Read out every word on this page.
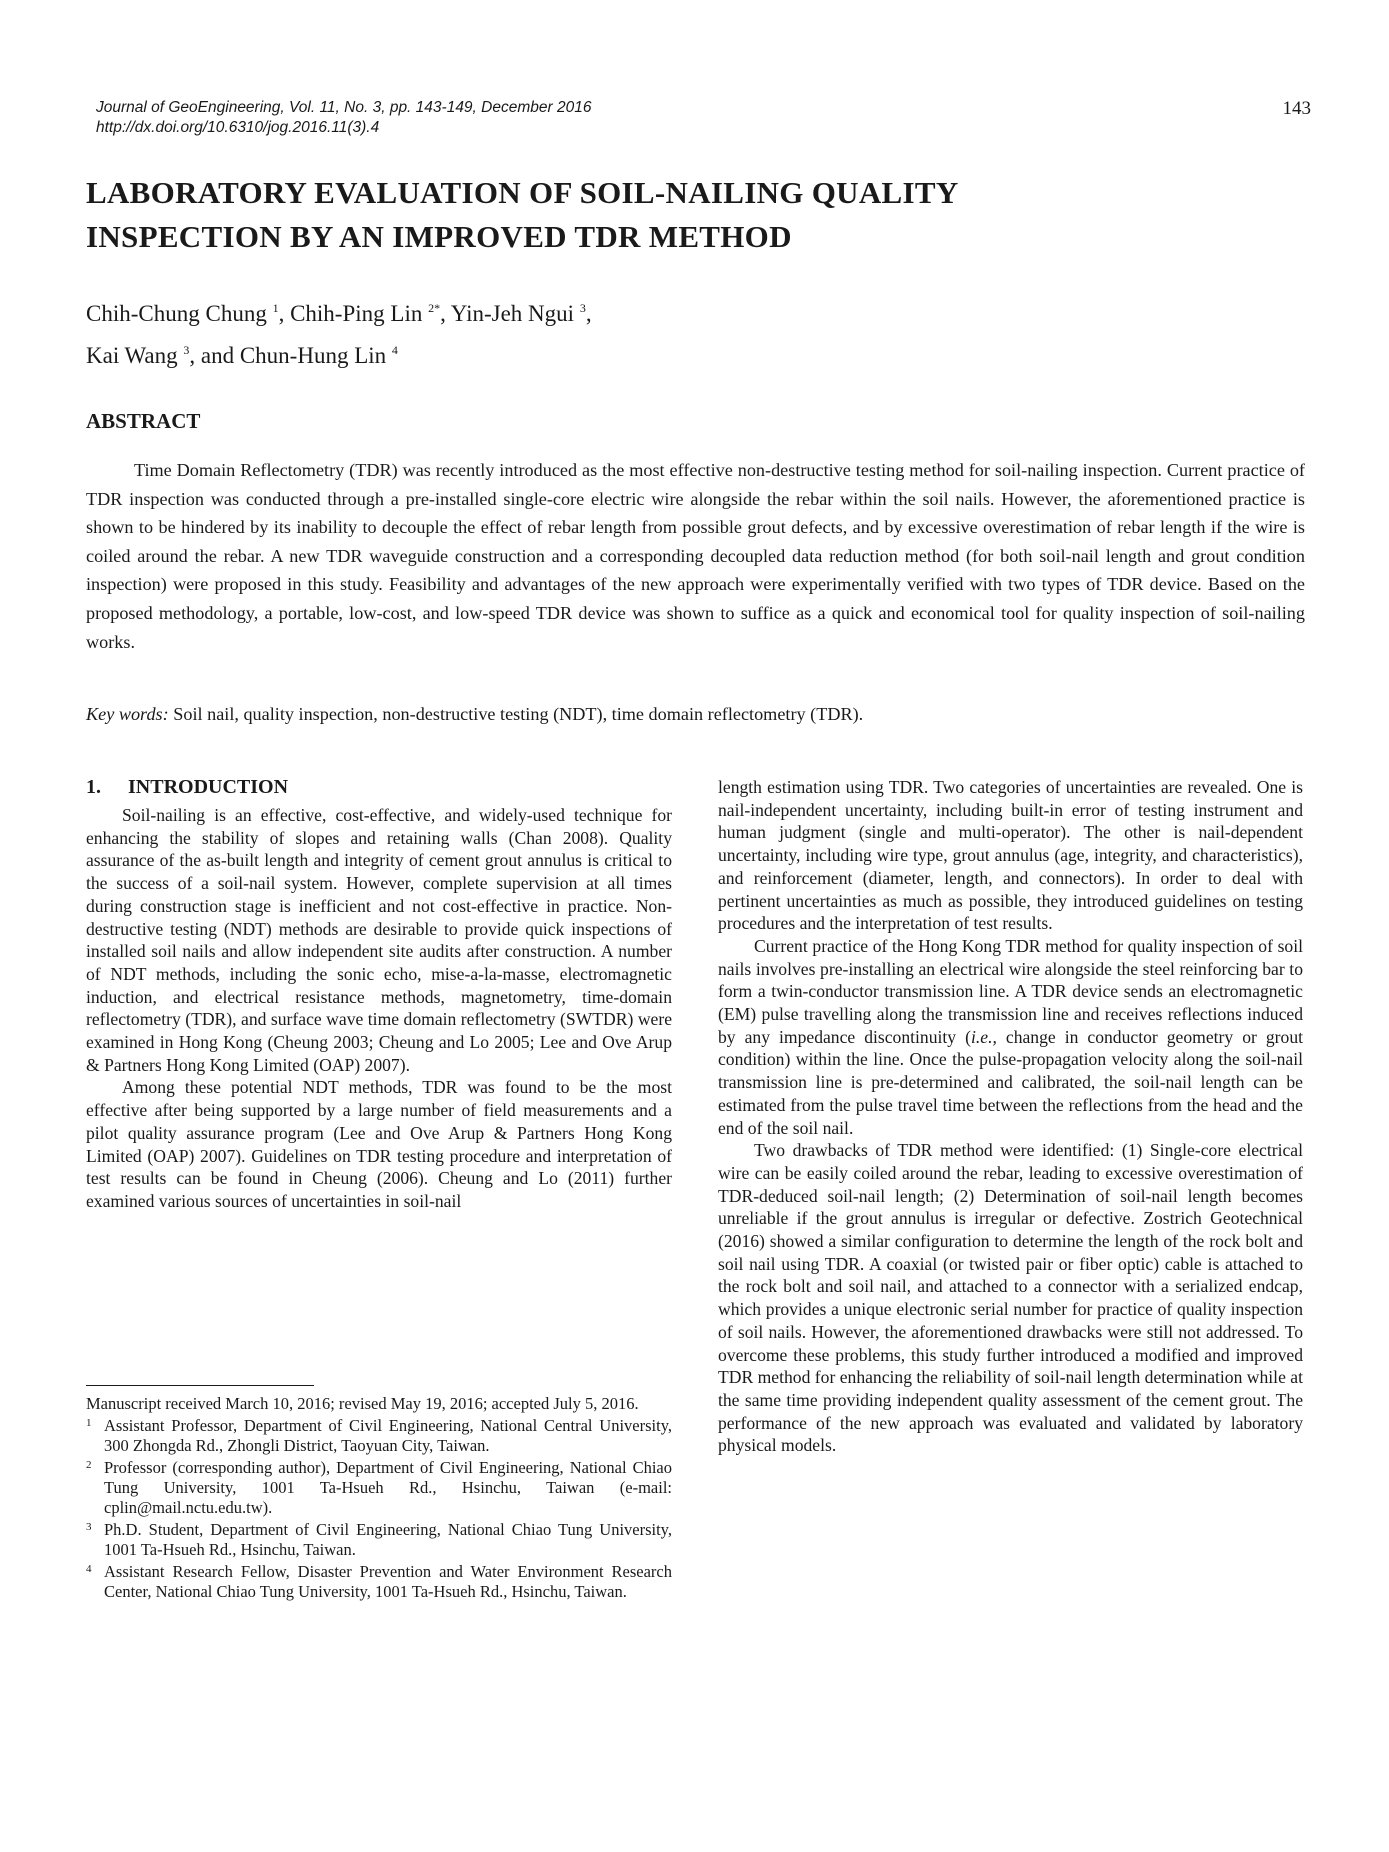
Journal of GeoEngineering, Vol. 11, No. 3, pp. 143-149, December 2016
http://dx.doi.org/10.6310/jog.2016.11(3).4
143
LABORATORY EVALUATION OF SOIL-NAILING QUALITY
INSPECTION BY AN IMPROVED TDR METHOD
Chih-Chung Chung $^1$, Chih-Ping Lin $^{2*}$, Yin-Jeh Ngui $^3$,
Kai Wang $^3$, and Chun-Hung Lin $^4$
ABSTRACT
Time Domain Reflectometry (TDR) was recently introduced as the most effective non-destructive testing method for soil-nailing inspection. Current practice of TDR inspection was conducted through a pre-installed single-core electric wire alongside the rebar within the soil nails. However, the aforementioned practice is shown to be hindered by its inability to decouple the effect of rebar length from possible grout defects, and by excessive overestimation of rebar length if the wire is coiled around the rebar. A new TDR waveguide construction and a corresponding decoupled data reduction method (for both soil-nail length and grout condition inspection) were proposed in this study. Feasibility and advantages of the new approach were experimentally verified with two types of TDR device. Based on the proposed methodology, a portable, low-cost, and low-speed TDR device was shown to suffice as a quick and economical tool for quality inspection of soil-nailing works.
Key words: Soil nail, quality inspection, non-destructive testing (NDT), time domain reflectometry (TDR).
1. INTRODUCTION

Soil-nailing is an effective, cost-effective, and widely-used technique for enhancing the stability of slopes and retaining walls (Chan 2008). Quality assurance of the as-built length and integrity of cement grout annulus is critical to the success of a soil-nail system. However, complete supervision at all times during construction stage is inefficient and not cost-effective in practice. Non-destructive testing (NDT) methods are desirable to provide quick inspections of installed soil nails and allow independent site audits after construction. A number of NDT methods, including the sonic echo, mise-a-la-masse, electromagnetic induction, and electrical resistance methods, magnetometry, time-domain reflectometry (TDR), and surface wave time domain reflectometry (SWTDR) were examined in Hong Kong (Cheung 2003; Cheung and Lo 2005; Lee and Ove Arup & Partners Hong Kong Limited (OAP) 2007).

Among these potential NDT methods, TDR was found to be the most effective after being supported by a large number of field measurements and a pilot quality assurance program (Lee and Ove Arup & Partners Hong Kong Limited (OAP) 2007). Guidelines on TDR testing procedure and interpretation of test results can be found in Cheung (2006). Cheung and Lo (2011) further examined various sources of uncertainties in soil-nail

length estimation using TDR. Two categories of uncertainties are revealed. One is nail-independent uncertainty, including built-in error of testing instrument and human judgment (single and multi-operator). The other is nail-dependent uncertainty, including wire type, grout annulus (age, integrity, and characteristics), and reinforcement (diameter, length, and connectors). In order to deal with pertinent uncertainties as much as possible, they introduced guidelines on testing procedures and the interpretation of test results.

Current practice of the Hong Kong TDR method for quality inspection of soil nails involves pre-installing an electrical wire alongside the steel reinforcing bar to form a twin-conductor transmission line. A TDR device sends an electromagnetic (EM) pulse travelling along the transmission line and receives reflections induced by any impedance discontinuity (i.e., change in conductor geometry or grout condition) within the line. Once the pulse-propagation velocity along the soil-nail transmission line is pre-determined and calibrated, the soil-nail length can be estimated from the pulse travel time between the reflections from the head and the end of the soil nail.

Two drawbacks of TDR method were identified: (1) Single-core electrical wire can be easily coiled around the rebar, leading to excessive overestimation of TDR-deduced soil-nail length; (2) Determination of soil-nail length becomes unreliable if the grout annulus is irregular or defective. Zostrich Geotechnical (2016) showed a similar configuration to determine the length of the rock bolt and soil nail using TDR. A coaxial (or twisted pair or fiber optic) cable is attached to the rock bolt and soil nail, and attached to a connector with a serialized endcap, which provides a unique electronic serial number for practice of quality inspection of soil nails. However, the aforementioned drawbacks were still not addressed. To overcome these problems, this study further introduced a modified and improved TDR method for enhancing the reliability of soil-nail length determination while at the same time providing independent quality assessment of the cement grout. The performance of the new approach was evaluated and validated by laboratory physical models.

Manuscript received March 10, 2016; revised May 19, 2016; accepted July 5, 2016.

1 Assistant Professor, Department of Civil Engineering, National Central University, 300 Zhongda Rd., Zhongli District, Taoyuan City, Taiwan.
2 Professor (corresponding author), Department of Civil Engineering, National Chiao Tung University, 1001 Ta-Hsueh Rd., Hsinchu, Taiwan (e-mail: cplin@mail.nctu.edu.tw).
3 Ph.D. Student, Department of Civil Engineering, National Chiao Tung University, 1001 Ta-Hsueh Rd., Hsinchu, Taiwan.
4 Assistant Research Fellow, Disaster Prevention and Water Environment Research Center, National Chiao Tung University, 1001 Ta-Hsueh Rd., Hsinchu, Taiwan.
